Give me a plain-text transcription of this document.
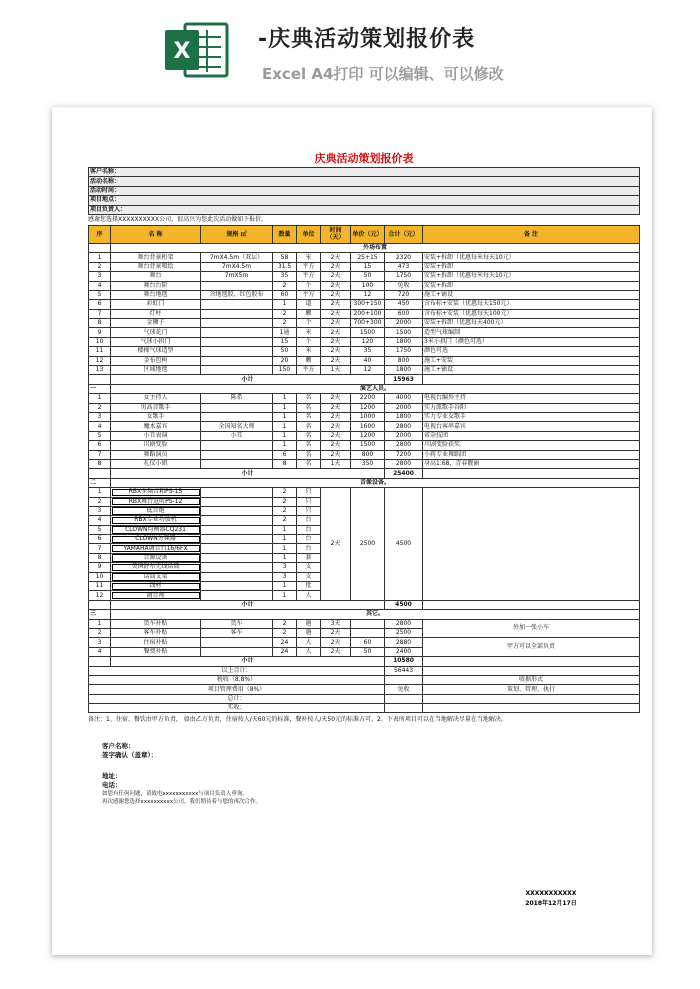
X	-庆典活动策划报价表
Excel A4打印 可以编辑、可以修改
庆典活动策划报价表
客户名称：
活动名称：
活动时间：
项目地点：
项目负责人：
感谢您选择XXXXXXXXXX公司，很高兴为您此次活动做如下报价。
序	名 称	规格 ㎡	数量	单位	时间（天）	单价（元）	合计（元）	备 注
	外场布置							
1	舞台背景桁架	7mX4.5m（双层）	58	米	2天	25+15	2320	安装+拆卸（优惠每米每天10元）
2	舞台背景喷绘	7mX4.5m	31.5	平方	2天	15	473	安装+拆卸
3	舞台	7mX5m	35	平方	2天	50	1750	安装+拆卸（优惠每米每天10元）
4	舞台台阶		2	个	2天	100	免收	安装+拆卸
5	舞台地毯	含地毯胶、红色胶布	60	平方	2天	12	720	施工+铺设
6	彩虹门		1	道	2天	300+150	450	含布标+安装（优惠每天150元）
7	灯柱		2	颗	2天	200+100	600	含布标+安装（优惠每天100元）
8	金狮子		2	个	2天	700+300	2000	安装+拆卸（优惠每天400元）
9	气球花门		1通	米	2天	1500	1500	造型气球编制
10	气球小拱门		15	个	2天	120	1800	3米小拱门（颜色可选）
11	楼梯气球造型		50	米	2天	35	1750	颜色可选
12	金布包树		20	颗	2天	40	800	施工+安装
13	区域地毯		150	平方	1天	12	1800	施工+铺设
	小计						15963	
一	演艺人员。							
1	女主持人	陈希	1	名	2天	2200	4000	电视台编外主持
2	男高音歌手		1	名	2天	1200	2000	实力派歌手谷阳
3	女歌手		1	名	2天	1000	1800	实力专业女歌手
4	魔术嘉宾	全国知名大师	1	名	2天	1600	2800	电视台客串嘉宾
5	小丑表演	小丑	1	名	2天	1200	2000	省杂技团
6	川剧变脸		1	名	2天	1500	2800	川剧变脸获奖
7	舞蹈演员		6	名	2天	800	7200	小蒋专业舞蹈团
8	礼仪小姐		8	名	1天	350	2800	身高1.68，青春靓丽
	小计						25400	
二	音像设备。							
1	RBX全频音箱PS-15		2	只	2天	2500	4500	
2	RBX舞台返听PS-12		2	只				
3	低音炮		2	只				
4	RBX专业功放机		2	台				
5	CLOWN均衡器CQ231		1	台				
6	CLOWN分频器		1	台				
7	YAMAHA调音台16/6FX		1	台				
8	音源设备		1	套				
9	美国舒尔无线话筒		3	支				
10	话筒支架		3	支				
11	线材		1	批				
12	调音师		1	人				
	小计						4500	
三	其它。							
1	货车补贴	货车	2	趟	3天		2800	外加一张小车
2	客车补贴	客车	2	趟	2天		2500	
3	住宿补贴		24	人	2天	60	2880	甲方可以全部负责
4	餐费补贴		24	人	2天	50	2400	
	小计						10580	
以上合计：							56443	
税收（8.8%）								收据形式
项目管理费用（8%）							免收	策划、管理、执行
总计：								
实收：								
备注：1、住宿、餐饮由甲方负责， 如由乙方负责，住宿按人/天60元的标准，餐补按人/天50元的标准方可。2、下表所项目可以在当地解决尽量在当地解决。
客户名称：
签字确认（盖章）：
地址：
电话：
如您有任何问题，请致电xxxxxxxxxxx与项目负责人垂询。
再次感谢您选择xxxxxxxxxx公司，我们期待着与您的再次合作。
XXXXXXXXXXX
2018年12月17日
